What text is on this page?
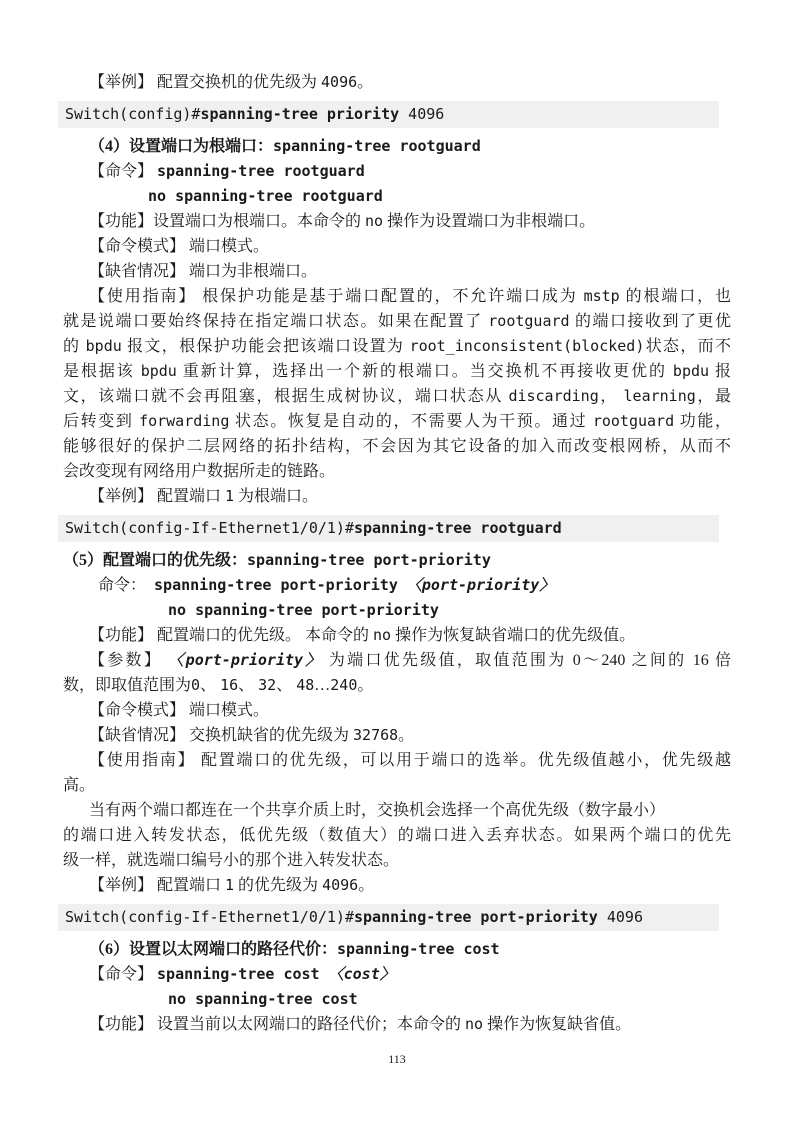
【举例】 配置交换机的优先级为 4096。
Switch(config)#spanning-tree priority 4096
（4）设置端口为根端口：spanning-tree rootguard
【命令】 spanning-tree rootguard
no spanning-tree rootguard
【功能】设置端口为根端口。本命令的 no 操作为设置端口为非根端口。
【命令模式】 端口模式。
【缺省情况】 端口为非根端口。
【使用指南】 根保护功能是基于端口配置的，不允许端口成为 mstp 的根端口，也
就是说端口要始终保持在指定端口状态。如果在配置了 rootguard 的端口接收到了更优
的 bpdu 报文，根保护功能会把该端口设置为 root_inconsistent(blocked)状态，而不
是根据该 bpdu 重新计算，选择出一个新的根端口。当交换机不再接收更优的 bpdu 报
文，该端口就不会再阻塞，根据生成树协议，端口状态从 discarding， learning，最
后转变到 forwarding 状态。恢复是自动的，不需要人为干预。通过 rootguard 功能，
能够很好的保护二层网络的拓扑结构，不会因为其它设备的加入而改变根网桥，从而不
会改变现有网络用户数据所走的链路。
【举例】 配置端口 1 为根端口。
Switch(config-If-Ethernet1/0/1)#spanning-tree rootguard
（5）配置端口的优先级：spanning-tree port-priority
命令：　spanning-tree port-priority 〈port-priority〉
no spanning-tree port-priority
【功能】 配置端口的优先级。 本命令的 no 操作为恢复缺省端口的优先级值。
【参数】 〈port-priority〉 为端口优先级值，取值范围为 0～240 之间的 16 倍
数，即取值范围为0、 16、 32、 48…240。
【命令模式】 端口模式。
【缺省情况】 交换机缺省的优先级为 32768。
【使用指南】 配置端口的优先级，可以用于端口的选举。优先级值越小，优先级越
高。
当有两个端口都连在一个共享介质上时，交换机会选择一个高优先级（数字最小）
的端口进入转发状态，低优先级（数值大）的端口进入丢弃状态。如果两个端口的优先
级一样，就选端口编号小的那个进入转发状态。
【举例】 配置端口 1 的优先级为 4096。
Switch(config-If-Ethernet1/0/1)#spanning-tree port-priority 4096
（6）设置以太网端口的路径代价：spanning-tree cost
【命令】 spanning-tree cost 〈cost〉
no spanning-tree cost
【功能】 设置当前以太网端口的路径代价；本命令的 no 操作为恢复缺省值。
113
